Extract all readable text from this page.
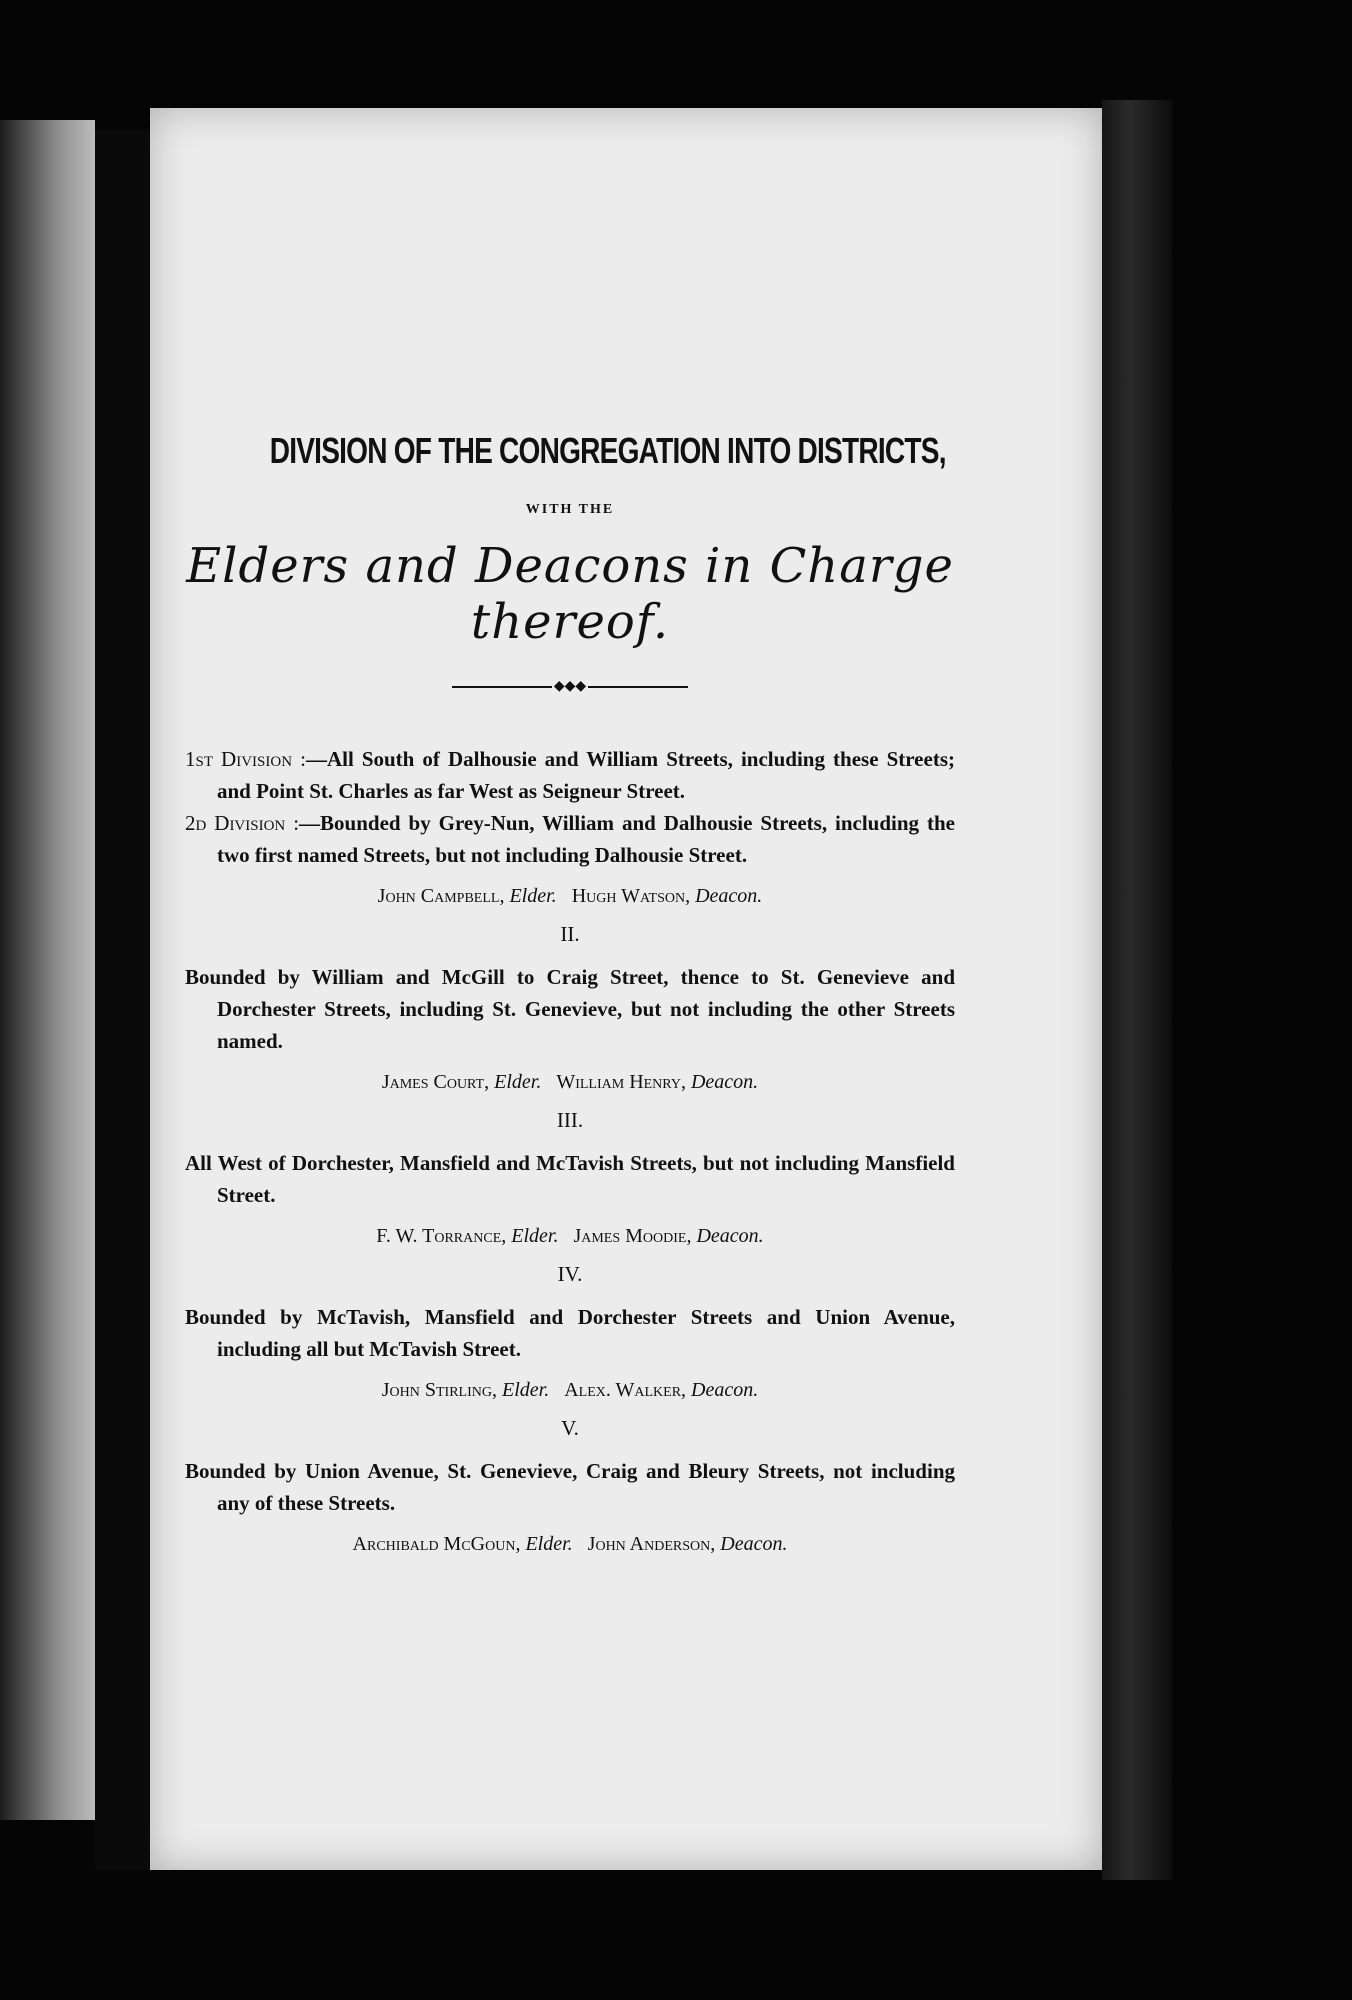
DIVISION OF THE CONGREGATION INTO DISTRICTS,
WITH THE
Elders and Deacons in Charge thereof.
◆◆◆

1st Division :—All South of Dalhousie and William Streets, including these Streets; and Point St. Charles as far West as Seigneur Street.

2d Division :—Bounded by Grey-Nun, William and Dalhousie Streets, including the two first named Streets, but not including Dalhousie Street.

John Campbell, Elder. Hugh Watson, Deacon.
II.

Bounded by William and McGill to Craig Street, thence to St. Genevieve and Dorchester Streets, including St. Genevieve, but not including the other Streets named.

James Court, Elder. William Henry, Deacon.
III.

All West of Dorchester, Mansfield and McTavish Streets, but not including Mansfield Street.

F. W. Torrance, Elder. James Moodie, Deacon.
IV.

Bounded by McTavish, Mansfield and Dorchester Streets and Union Avenue, including all but McTavish Street.

John Stirling, Elder. Alex. Walker, Deacon.
V.

Bounded by Union Avenue, St. Genevieve, Craig and Bleury Streets, not including any of these Streets.

Archibald McGoun, Elder. John Anderson, Deacon.
